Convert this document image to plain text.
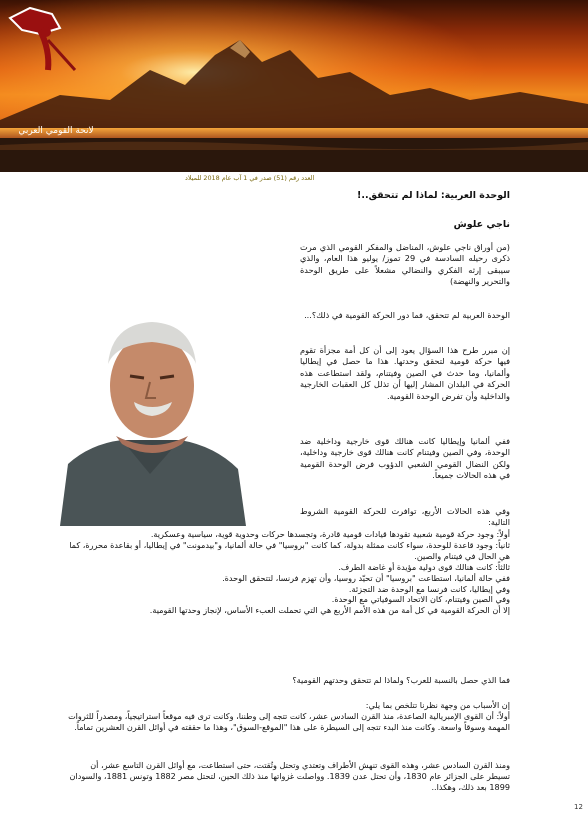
لانحة القومي العربي
العدد رقم (51) صدر في 1 آب عام 2018 للميلاد
الوحدة العربية: لماذا لم تتحقق..!
ناجي علوش
(من أوراق ناجي علوش، المناضل والمفكر القومي الذي مرت ذكرى رحيله السادسة في 29 تموز/ يوليو هذا العام، والذي سيبقى إرثه الفكري والنضالي مشعلاً على طريق الوحدة والتحرير والنهضة)
الوحدة العربية لم تتحقق، فما دور الحركة القومية في ذلك؟...
إن مبرر طرح هذا السؤال يعود إلى أن كل أمة مجزأة تقوم فيها حركة قومية لتحقق وحدتها. هذا ما حصل في إيطاليا وألمانيا، وما حدث في الصين وفيتنام، ولقد استطاعت هذه الحركة في البلدان المشار إليها أن تذلل كل العقبات الخارجية والداخلية وأن تفرض الوحدة القومية.
ففي ألمانيا وإيطاليا كانت هنالك قوى خارجية وداخلية ضد الوحدة، وفي الصين وفيتنام كانت هنالك قوى خارجية وداخلية، ولكن النضال القومي الشعبي الدؤوب فرض الوحدة القومية في هذه الحالات جميعاً.
وفي هذه الحالات الأربع، توافرت للحركة القومية الشروط التالية:

أولاً: وجود حركة قومية شعبية تقودها قيادات قومية قادرة، وتجسدها حركات وحدوية قوية، سياسية وعسكرية.

ثانياً: وجود قاعدة للوحدة، سواء كانت ممثلة بدولة، كما كانت "بروسيا" في حالة ألمانيا، و"بيدمونت" في إيطاليا، أو بقاعدة محررة، كما هي الحال في فيتنام والصين.

ثالثاً: كانت هنالك قوى دولية مؤيدة أو غاضة الطرف.

ففي حالة ألمانيا، استطاعت "بروسيا" أن تحيّد روسيا، وأن تهزم فرنسا، لتتحقق الوحدة.

وفي إيطاليا، كانت فرنسا مع الوحدة ضد التجزئة.

وفي الصين وفيتنام، كان الاتحاد السوفياتي مع الوحدة.

إلا أن الحركة القومية في كل أمة من هذه الأمم الأربع هي التي تحملت العبء الأساس، لإنجاز وحدتها القومية.

فما الذي حصل بالنسبة للعرب؟ ولماذا لم تتحقق وحدتهم القومية؟

إن الأسباب من وجهة نظرنا تتلخص بما يلي:

أولاً: أن القوى الإمبريالية الصاعدة، منذ القرن السادس عشر، كانت تتجه إلى وطننا، وكانت ترى فيه موقعاً استراتيجياً، ومصدراً للثروات المهمة وسوقاً واسعة. وكانت منذ البدء تتجه إلى السيطرة على هذا "الموقع-السوق"، وهذا ما حققته في أوائل القرن العشرين تماماً.

ومنذ القرن السادس عشر، وهذه القوى تنهش الأطراف وتعتدي وتحتل وتُقتت، حتى استطاعت، مع أوائل القرن التاسع عشر، أن تسيطر على الجزائر عام 1830، وأن تحتل عدن 1839. وواصلت غزواتها منذ ذلك الحين، لتحتل مصر 1882 وتونس 1881، والسودان 1899 بعد ذلك، وهكذا..
12
